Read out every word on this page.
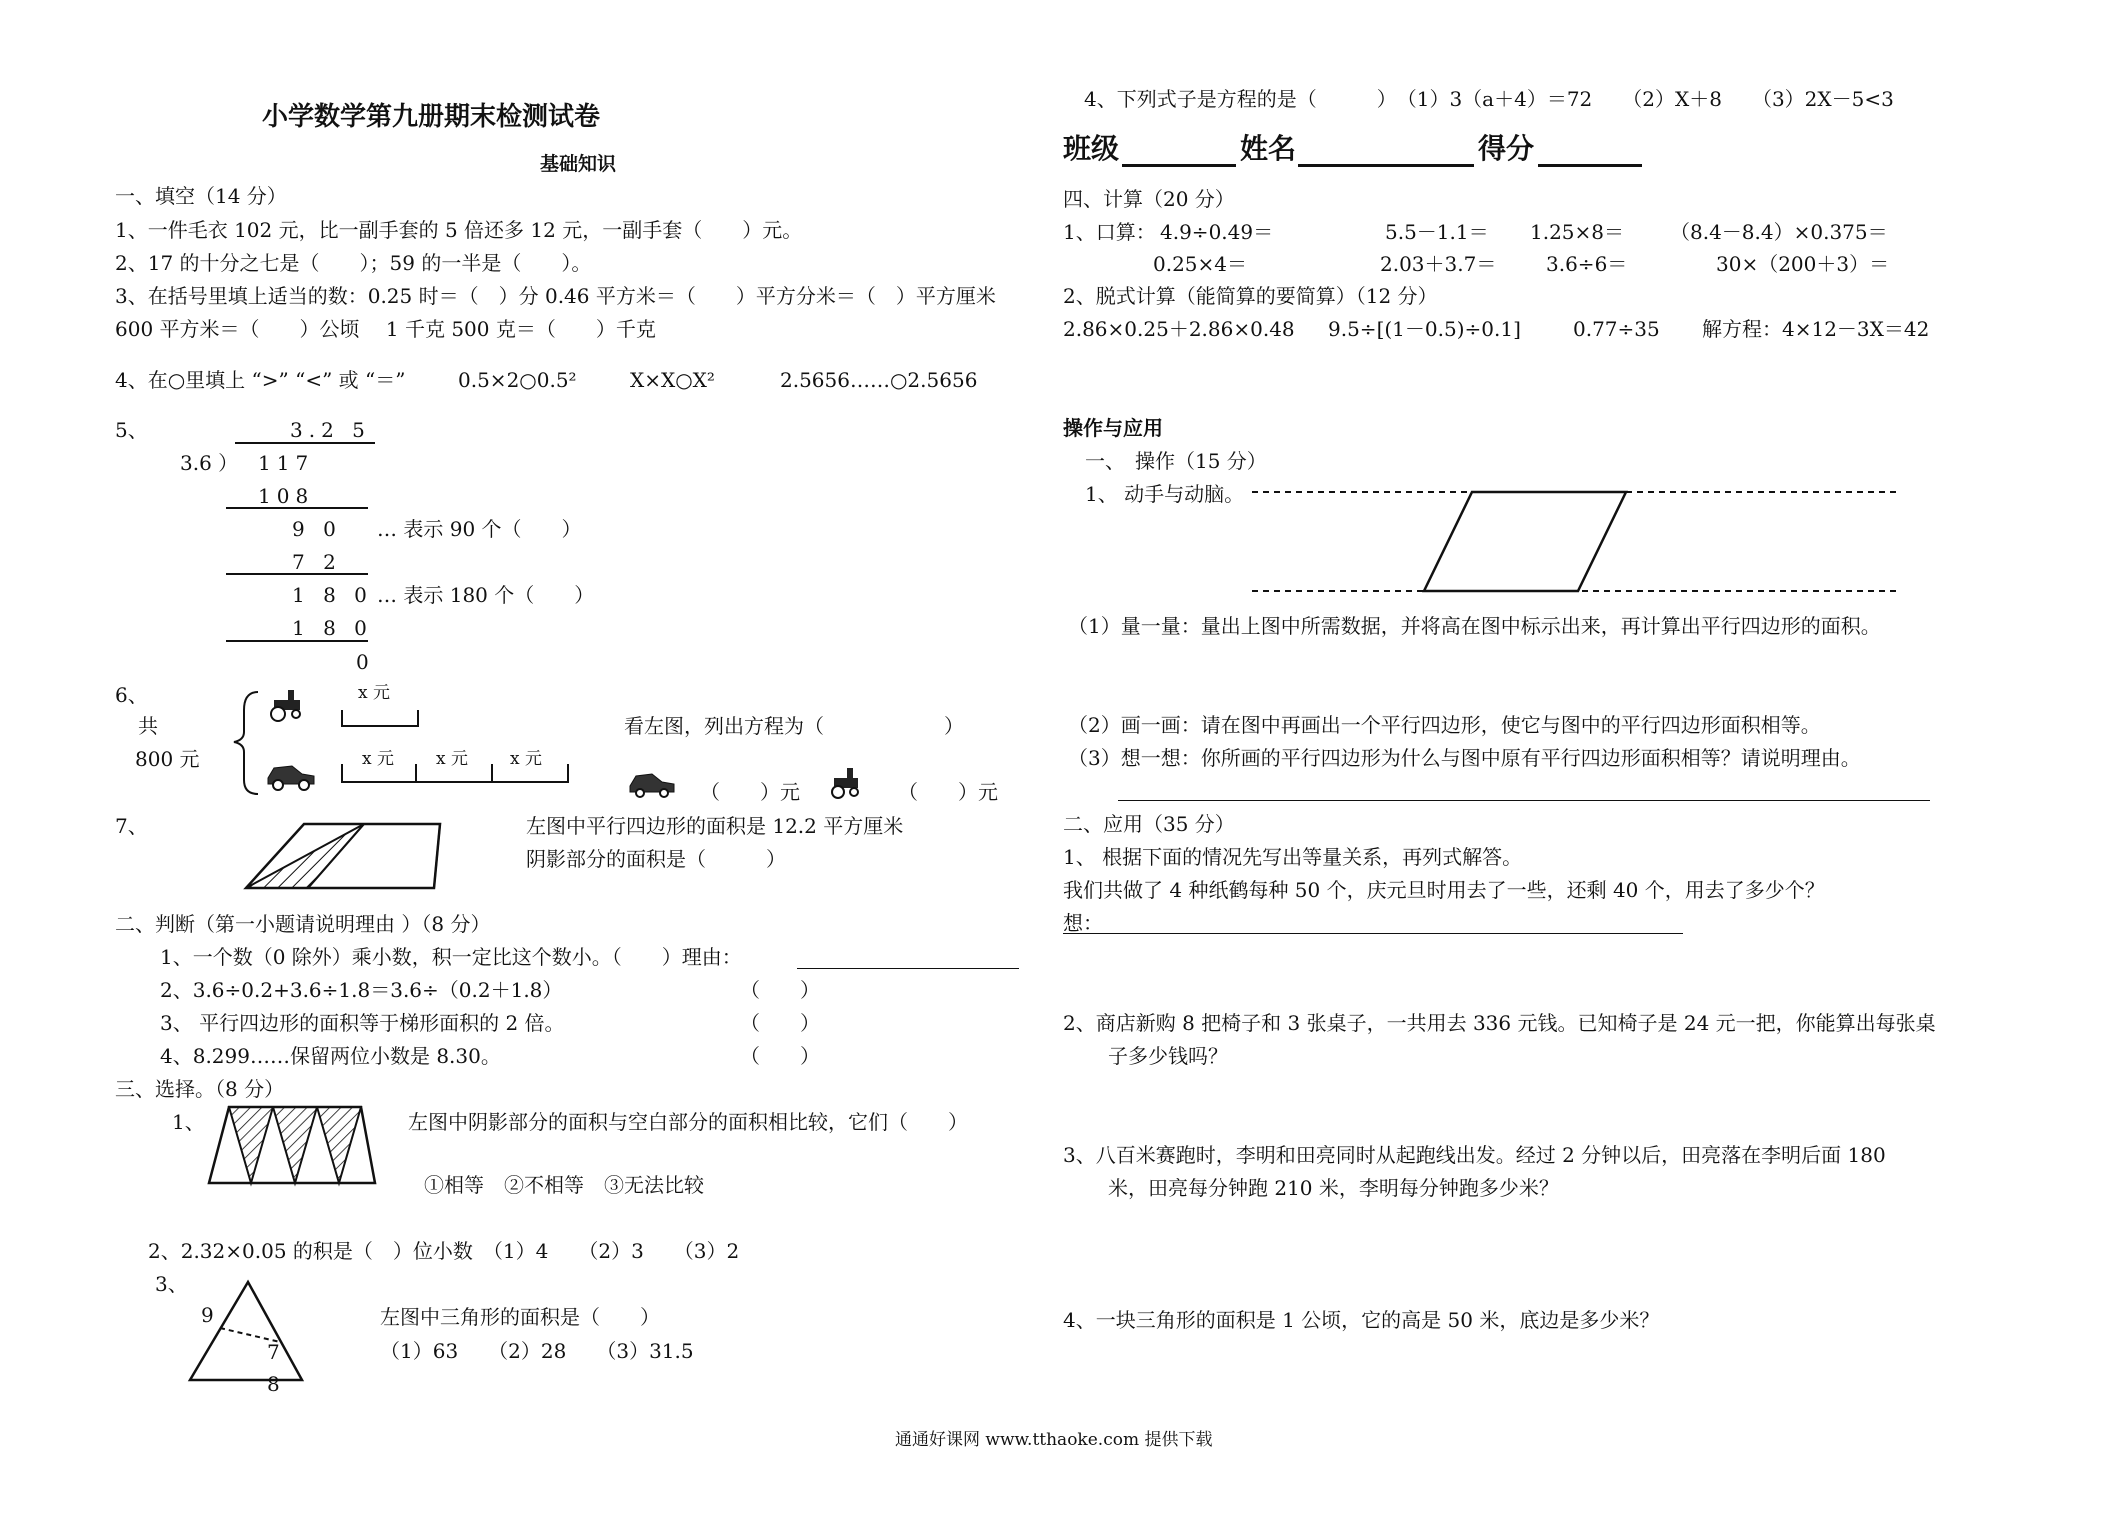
小学数学第九册期末检测试卷
基础知识
一、填空（14 分）
1、一件毛衣 102 元，比一副手套的 5 倍还多 12 元，一副手套（　　）元。
2、17 的十分之七是（　　）；59 的一半是（　　）。
3、在括号里填上适当的数：0.25 时＝（　）分 0.46 平方米＝（　　）平方分米＝（　）平方厘米
600 平方米＝（　　）公顷　 1 千克 500 克＝（　　）千克
4、在○里填上 “>” “<” 或 “＝”	0.5×2○0.5²	X×X○X²	2.5656……○2.5656
5、	3.2 5
3.6 ） 117
108
9 0 … 表示 90 个（　　）
7 2
1 8 0 … 表示 180 个（　　）
1 8 0
0
6、
共
800 元
x 元
x 元 x 元 x 元
看左图，列出方程为（　　　　　　）
（　　）元	（　　）元
7、	左图中平行四边形的面积是 12.2 平方厘米
阴影部分的面积是（　　　）
二、判断（第一小题请说明理由 ）（8 分）
1、一个数（0 除外）乘小数，积一定比这个数小。（　　）理由：
2、3.6÷0.2+3.6÷1.8＝3.6÷（0.2＋1.8）	（　　）
3、 平行四边形的面积等于梯形面积的 2 倍。	（　　）
4、8.299……保留两位小数是 8.30。	（　　）
三、选择。（8 分）
1、	左图中阴影部分的面积与空白部分的面积相比较，它们（　　）
①相等　②不相等　③无法比较
2、2.32×0.05 的积是（　）位小数　（1）4　　（2）3　　（3）2
3、
9
7
8
左图中三角形的面积是（　　）
（1）63　　（2）28　　（3）31.5
4、下列式子是方程的是（　　　）　（1）3（a＋4）＝72　　（2）X＋8　　（3）2X－5<3
班级	姓名	得分
四、计算（20 分）
1、口算： 4.9÷0.49＝	5.5－1.1＝ 1.25×8＝ （8.4－8.4）×0.375＝
0.25×4＝	2.03＋3.7＝ 3.6÷6＝	30×（200＋3）＝
2、脱式计算（能简算的要简算）（12 分）
2.86×0.25＋2.86×0.48 9.5÷[(1－0.5)÷0.1]	0.77÷35 解方程：4×12－3X＝42
操作与应用
一、　操作（15 分）
1、 动手与动脑。
（1）量一量：量出上图中所需数据，并将高在图中标示出来，再计算出平行四边形的面积。
（2）画一画：请在图中再画出一个平行四边形，使它与图中的平行四边形面积相等。
（3）想一想：你所画的平行四边形为什么与图中原有平行四边形面积相等？请说明理由。
二、应用（35 分）
1、 根据下面的情况先写出等量关系，再列式解答。
我们共做了 4 种纸鹤每种 50 个，庆元旦时用去了一些，还剩 40 个，用去了多少个？
想：
2、商店新购 8 把椅子和 3 张桌子，一共用去 336 元钱。已知椅子是 24 元一把，你能算出每张桌
子多少钱吗？
3、八百米赛跑时，李明和田亮同时从起跑线出发。经过 2 分钟以后，田亮落在李明后面 180
米，田亮每分钟跑 210 米，李明每分钟跑多少米？
4、一块三角形的面积是 1 公顷，它的高是 50 米，底边是多少米？
通通好课网 www.tthaoke.com 提供下载
